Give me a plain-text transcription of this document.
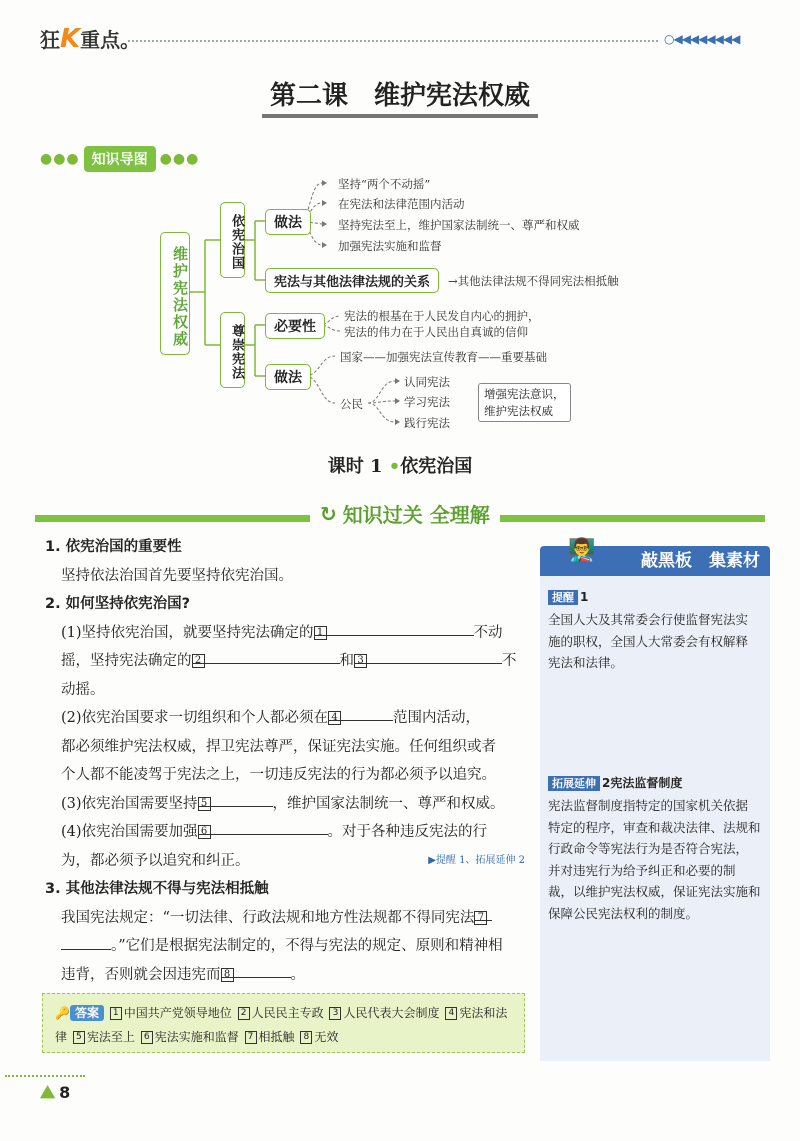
狂K重点。	○◀◀◀◀◀◀◀◀
第二课　维护宪法权威
●●● 知识导图 ●●●
维护宪法权威
依宪治国
尊崇宪法
做法
坚持“两个不动摇”
在宪法和法律范围内活动
坚持宪法至上，维护国家法制统一、尊严和权威
加强宪法实施和监督
宪法与其他法律法规的关系	→其他法律法规不得同宪法相抵触
必要性
宪法的根基在于人民发自内心的拥护，
宪法的伟力在于人民出自真诚的信仰
做法
国家——加强宪法宣传教育——重要基础
公民
认同宪法
学习宪法
践行宪法
增强宪法意识，
维护宪法权威
课时 1 •依宪治国
↻ 知识过关 全理解
1. 依宪治国的重要性
坚持依法治国首先要坚持依宪治国。
2. 如何坚持依宪治国?
(1)坚持依宪治国，就要坚持宪法确定的 1	不动
摇，坚持宪法确定的 2	和 3	不
动摇。
(2)依宪治国要求一切组织和个人都必须在 4	范围内活动，
都必须维护宪法权威，捍卫宪法尊严，保证宪法实施。任何组织或者
个人都不能凌驾于宪法之上，一切违反宪法的行为都必须予以追究。
(3)依宪治国需要坚持 5	，维护国家法制统一、尊严和权威。
(4)依宪治国需要加强 6	。对于各种违反宪法的行
为，都必须予以追究和纠正。	▶提醒 1、拓展延伸 2
3. 其他法律法规不得与宪法相抵触
我国宪法规定：“一切法律、行政法规和地方性法规都不得同宪法 7
。”它们是根据宪法制定的，不得与宪法的规定、原则和精神相
违背，否则就会因违宪而 8	。
👨‍🏫	敲黑板　集素材
提醒 1
全国人大及其常委会行使监督宪法实
施的职权，全国人大常委会有权解释
宪法和法律。
拓展延伸 2宪法监督制度
宪法监督制度指特定的国家机关依据
特定的程序，审查和裁决法律、法规和
行政命令等宪法行为是否符合宪法，
并对违宪行为给予纠正和必要的制
裁，以维护宪法权威，保证宪法实施和
保障公民宪法权利的制度。
🔑 答案 1 中国共产党领导地位 2 人民民主专政 3 人民代表大会制度 4 宪法和法律 5 宪法至上 6 宪法实施和监督 7 相抵触 8 无效
⛰ 8
